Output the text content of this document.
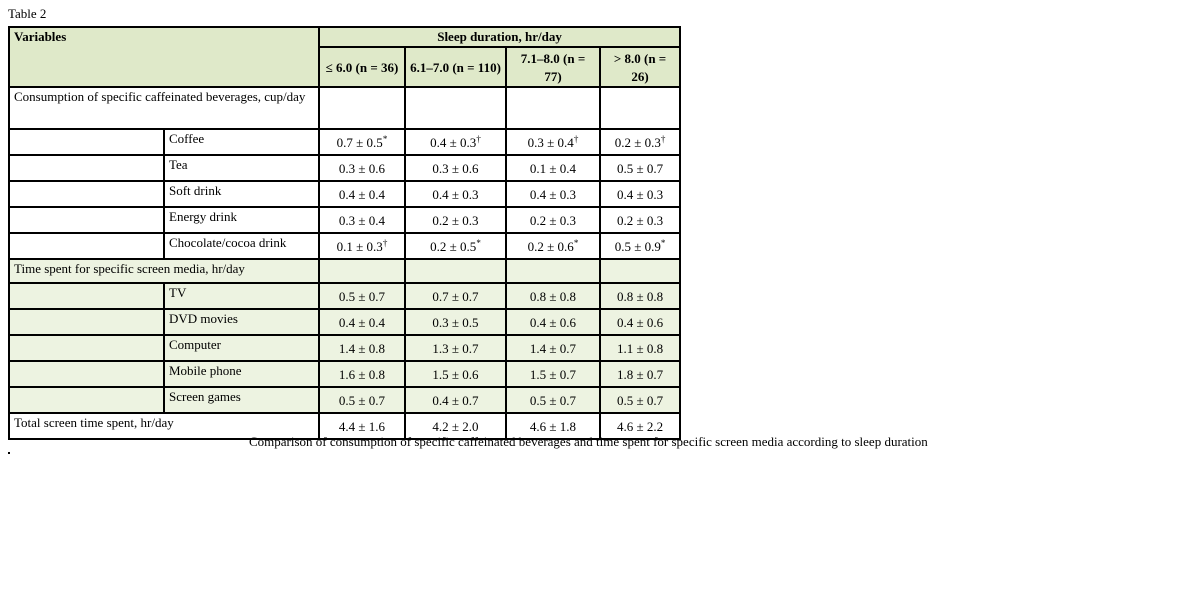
Table 2
Variables		Sleep duration, hr/day			
		≤ 6.0 (n = 36)	6.1–7.0 (n = 110)	7.1–8.0 (n = 77)	> 8.0 (n = 26)
Consumption of specific caffeinated beverages, cup/day					
	Coffee	0.7 ± 0.5*	0.4 ± 0.3†	0.3 ± 0.4†	0.2 ± 0.3†
	Tea	0.3 ± 0.6	0.3 ± 0.6	0.1 ± 0.4	0.5 ± 0.7
	Soft drink	0.4 ± 0.4	0.4 ± 0.3	0.4 ± 0.3	0.4 ± 0.3
	Energy drink	0.3 ± 0.4	0.2 ± 0.3	0.2 ± 0.3	0.2 ± 0.3
	Chocolate/cocoa drink	0.1 ± 0.3†	0.2 ± 0.5*	0.2 ± 0.6*	0.5 ± 0.9*
Time spent for specific screen media, hr/day					
	TV	0.5 ± 0.7	0.7 ± 0.7	0.8 ± 0.8	0.8 ± 0.8
	DVD movies	0.4 ± 0.4	0.3 ± 0.5	0.4 ± 0.6	0.4 ± 0.6
	Computer	1.4 ± 0.8	1.3 ± 0.7	1.4 ± 0.7	1.1 ± 0.8
	Mobile phone	1.6 ± 0.8	1.5 ± 0.6	1.5 ± 0.7	1.8 ± 0.7
	Screen games	0.5 ± 0.7	0.4 ± 0.7	0.5 ± 0.7	0.5 ± 0.7
Total screen time spent, hr/day		4.4 ± 1.6	4.2 ± 2.0	4.6 ± 1.8	4.6 ± 2.2
Comparison of consumption of specific caffeinated beverages and time spent for specific screen media according to sleep duration
